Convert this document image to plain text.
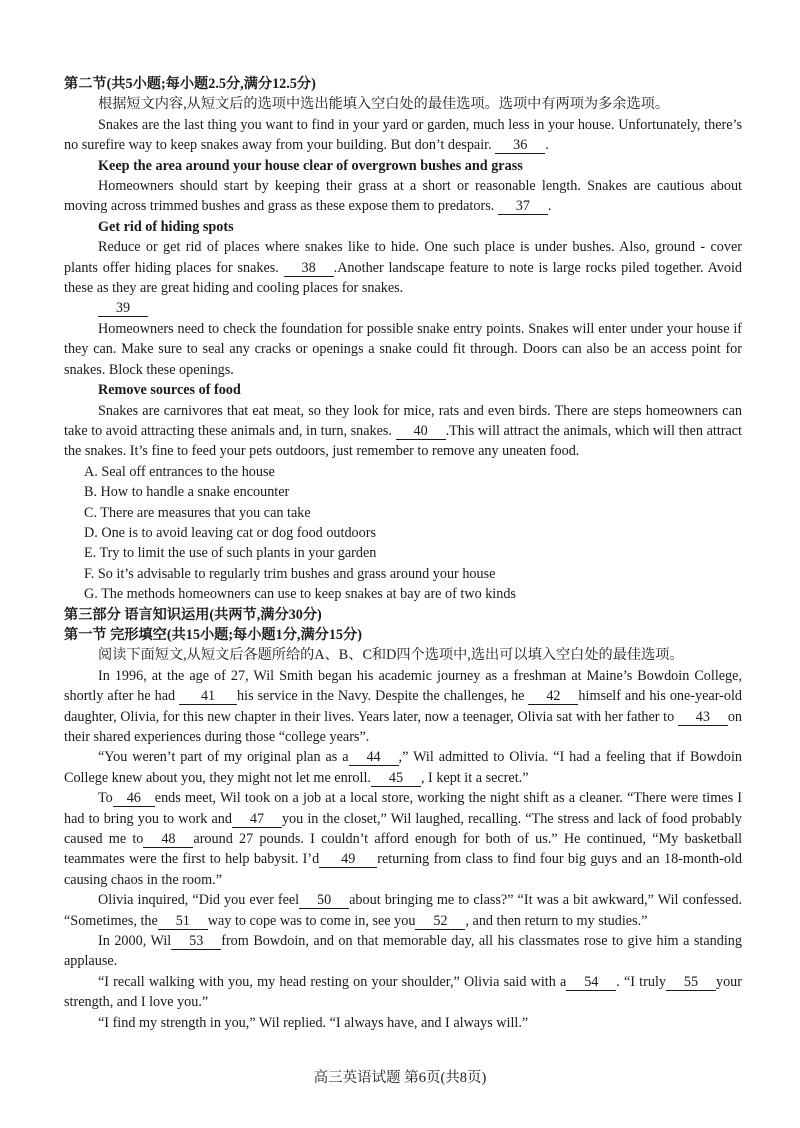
第二节(共5小题;每小题2.5分,满分12.5分)

根据短文内容,从短文后的选项中选出能填入空白处的最佳选项。选项中有两项为多余选项。

Snakes are the last thing you want to find in your yard or garden, much less in your house. Unfortunately, there’s no surefire way to keep snakes away from your building. But don’t despair. 36 .

Keep the area around your house clear of overgrown bushes and grass

Homeowners should start by keeping their grass at a short or reasonable length. Snakes are cautious about moving across trimmed bushes and grass as these expose them to predators. 37 .

Get rid of hiding spots

Reduce or get rid of places where snakes like to hide. One such place is under bushes. Also, ground - cover plants offer hiding places for snakes. 38 .Another landscape feature to note is large rocks piled together. Avoid these as they are great hiding and cooling places for snakes.

39

Homeowners need to check the foundation for possible snake entry points. Snakes will enter under your house if they can. Make sure to seal any cracks or openings a snake could fit through. Doors can also be an access point for snakes. Block these openings.

Remove sources of food

Snakes are carnivores that eat meat, so they look for mice, rats and even birds. There are steps homeowners can take to avoid attracting these animals and, in turn, snakes. 40 .This will attract the animals, which will then attract the snakes. It’s fine to feed your pets outdoors, just remember to remove any uneaten food.

A. Seal off entrances to the house

B. How to handle a snake encounter

C. There are measures that you can take

D. One is to avoid leaving cat or dog food outdoors

E. Try to limit the use of such plants in your garden

F. So it’s advisable to regularly trim bushes and grass around your house

G. The methods homeowners can use to keep snakes at bay are of two kinds

第三部分 语言知识运用(共两节,满分30分)

第一节 完形填空(共15小题;每小题1分,满分15分)

阅读下面短文,从短文后各题所给的A、B、C和D四个选项中,选出可以填入空白处的最佳选项。

In 1996, at the age of 27, Wil Smith began his academic journey as a freshman at Maine’s Bowdoin College, shortly after he had 41 his service in the Navy. Despite the challenges, he 42 himself and his one-year-old daughter, Olivia, for this new chapter in their lives. Years later, now a teenager, Olivia sat with her father to 43 on their shared experiences during those “college years”.

“You weren’t part of my original plan as a 44 ,” Wil admitted to Olivia. “I had a feeling that if Bowdoin College knew about you, they might not let me enroll. 45 , I kept it a secret.”

To 46 ends meet, Wil took on a job at a local store, working the night shift as a cleaner. “There were times I had to bring you to work and 47 you in the closet,” Wil laughed, recalling. “The stress and lack of food probably caused me to 48 around 27 pounds. I couldn’t afford enough for both of us.” He continued, “My basketball teammates were the first to help babysit. I’d 49 returning from class to find four big guys and an 18-month-old causing chaos in the room.”

Olivia inquired, “Did you ever feel 50 about bringing me to class?” “It was a bit awkward,” Wil confessed. “Sometimes, the 51 way to cope was to come in, see you 52 , and then return to my studies.”

In 2000, Wil 53 from Bowdoin, and on that memorable day, all his classmates rose to give him a standing applause.

“I recall walking with you, my head resting on your shoulder,” Olivia said with a 54 . “I truly 55 your strength, and I love you.”

“I find my strength in you,” Wil replied. “I always have, and I always will.”

高三英语试题 第6页(共8页)
